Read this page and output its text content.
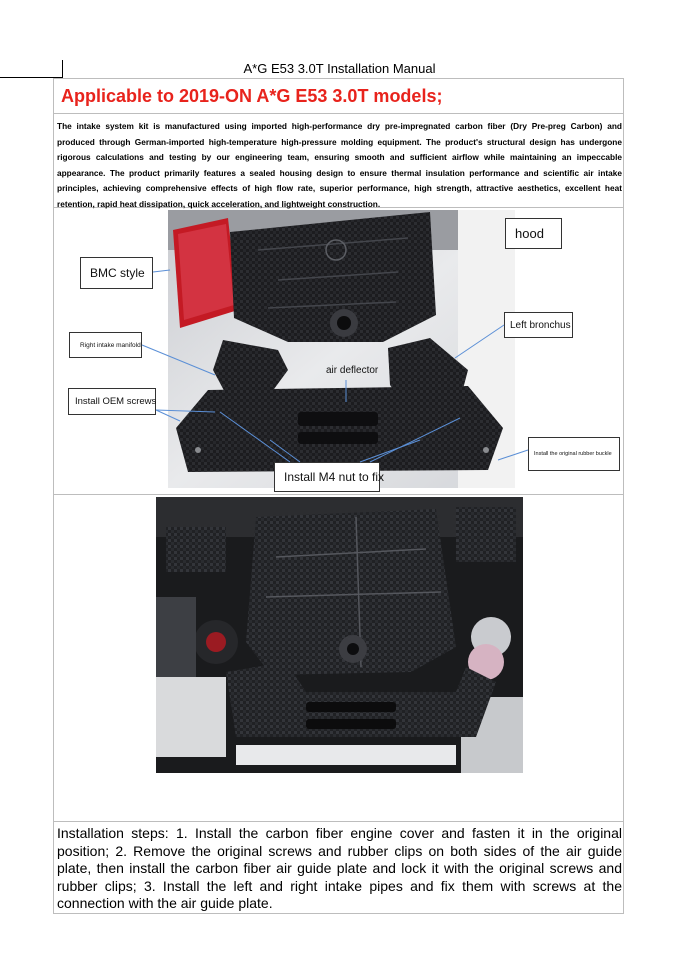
A*G E53 3.0T Installation Manual
Applicable to 2019-ON A*G E53 3.0T models;
The intake system kit is manufactured using imported high-performance dry pre-impregnated carbon fiber (Dry Pre-preg Carbon) and produced through German-imported high-temperature high-pressure molding equipment. The product's structural design has undergone rigorous calculations and testing by our engineering team, ensuring smooth and sufficient airflow while maintaining an impeccable appearance. The product primarily features a sealed housing design to ensure thermal insulation performance and scientific air intake principles, achieving comprehensive effects of high flow rate, superior performance, high strength, attractive aesthetics, excellent heat retention, rapid heat dissipation, quick acceleration, and lightweight construction.
hood
BMC style
Right intake manifold
Left bronchus
air deflector
Install OEM screws
Install the original rubber buckle
Install M4 nut to fix
Installation steps: 1. Install the carbon fiber engine cover and fasten it in the original position; 2. Remove the original screws and rubber clips on both sides of the air guide plate, then install the carbon fiber air guide plate and lock it with the original screws and rubber clips; 3. Install the left and right intake pipes and fix them with screws at the connection with the air guide plate.
